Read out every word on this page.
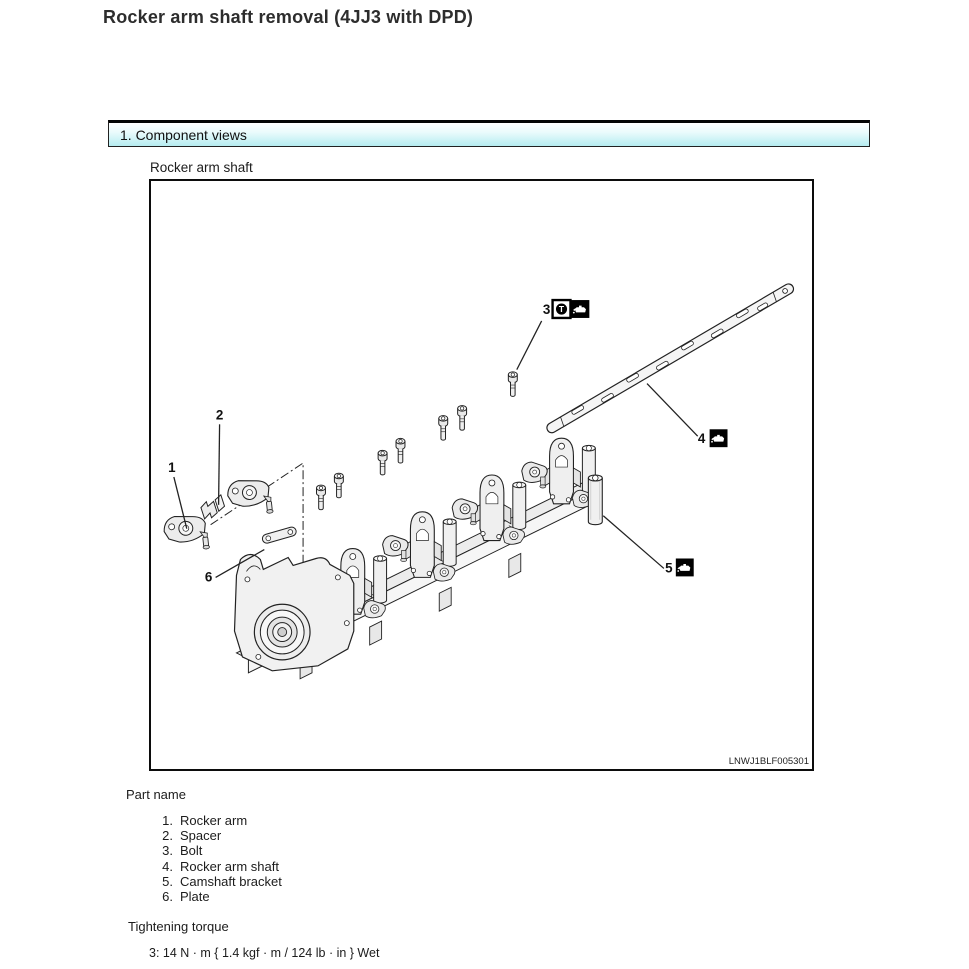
Rocker arm shaft removal (4JJ3 with DPD)
1. Component views
Rocker arm shaft
1
2
3
4
5
6
T
LNWJ1BLF005301
Part name
1. Rocker arm
2. Spacer
3. Bolt
4. Rocker arm shaft
5. Camshaft bracket
6. Plate
Tightening torque
3: 14 N · m { 1.4 kgf · m / 124 lb · in } Wet
